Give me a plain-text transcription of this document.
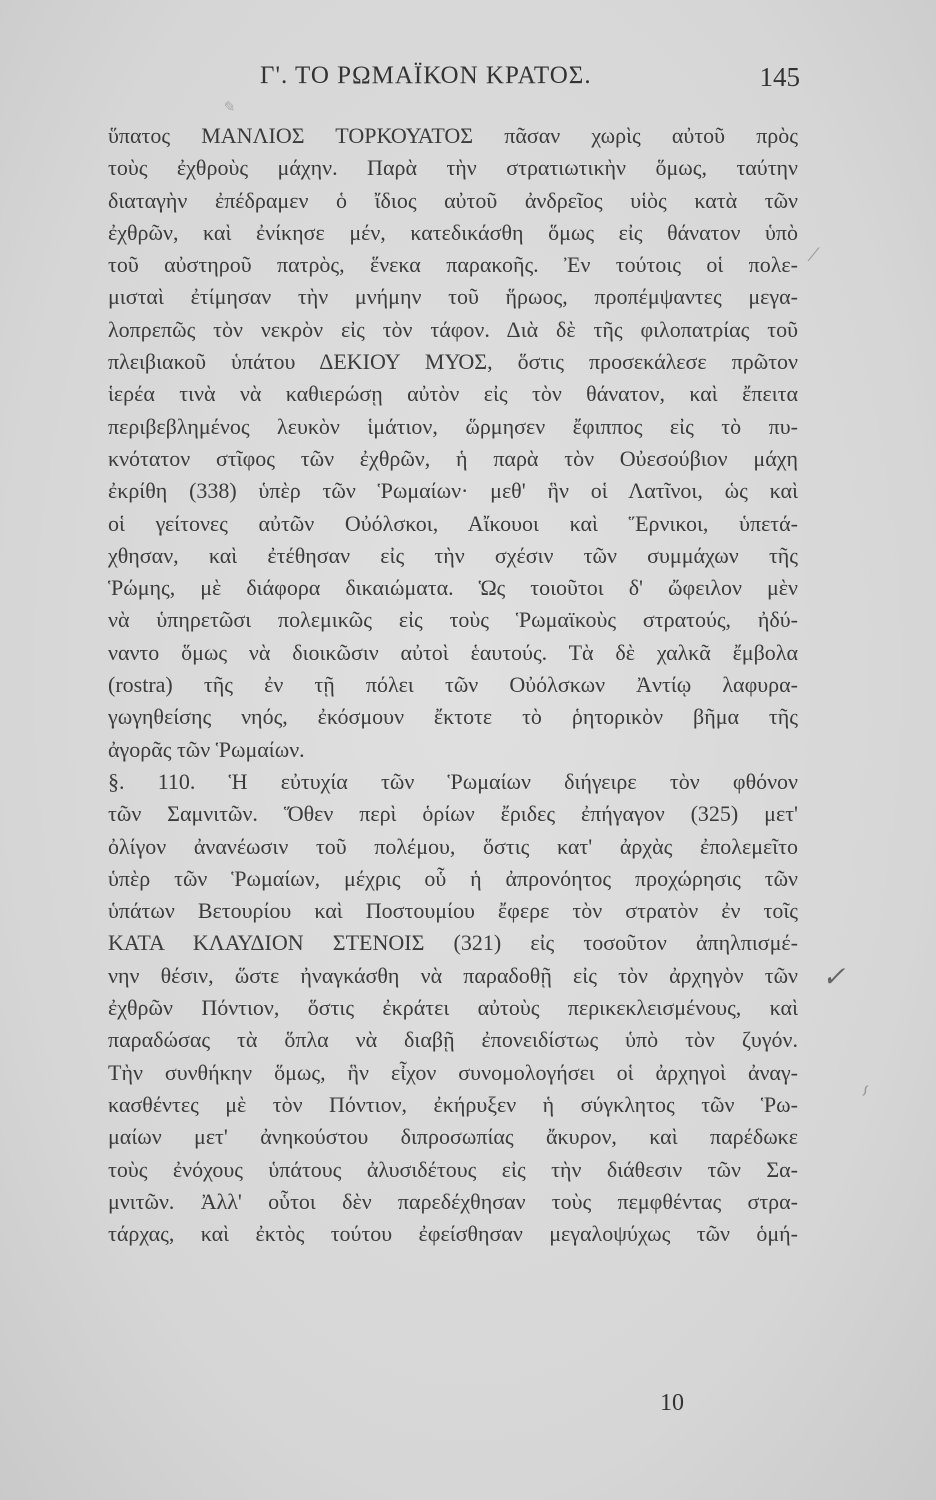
Γ'. ΤΟ ΡΩΜΑΪΚΟΝ ΚΡΑΤΟΣ.	145
✎
⁄
✓
∽
ὕπατος ΜΑΝΛΙΟΣ ΤΟΡΚΟΥΑΤΟΣ πᾶσαν χωρὶς αὐτοῦ πρὸς
τοὺς ἐχθροὺς μάχην. Παρὰ τὴν στρατιωτικὴν ὅμως, ταύτην
διαταγὴν ἐπέδραμεν ὁ ἴδιος αὐτοῦ ἀνδρεῖος υἱὸς κατὰ τῶν
ἐχθρῶν, καὶ ἐνίκησε μέν, κατεδικάσθη ὅμως εἰς θάνατον ὑπὸ
τοῦ αὐστηροῦ πατρὸς, ἕνεκα παρακοῆς. Ἐν τούτοις οἱ πολε-
μισταὶ ἐτίμησαν τὴν μνήμην τοῦ ἥρωος, προπέμψαντες μεγα-
λοπρεπῶς τὸν νεκρὸν εἰς τὸν τάφον. Διὰ δὲ τῆς φιλοπατρίας τοῦ
πλειβιακοῦ ὑπάτου ΔΕΚΙΟΥ ΜΥΟΣ, ὅστις προσεκάλεσε πρῶτον
ἱερέα τινὰ νὰ καθιερώσῃ αὐτὸν εἰς τὸν θάνατον, καὶ ἔπειτα
περιβεβλημένος λευκὸν ἱμάτιον, ὥρμησεν ἔφιππος εἰς τὸ πυ-
κνότατον στῖφος τῶν ἐχθρῶν, ἡ παρὰ τὸν Οὐεσούβιον μάχη
ἐκρίθη (338) ὑπὲρ τῶν Ῥωμαίων· μεθ' ἣν οἱ Λατῖνοι, ὡς καὶ
οἱ γείτονες αὐτῶν Οὐόλσκοι, Αἴκουοι καὶ Ἕρνικοι, ὑπετά-
χθησαν, καὶ ἐτέθησαν εἰς τὴν σχέσιν τῶν συμμάχων τῆς
Ῥώμης, μὲ διάφορα δικαιώματα. Ὡς τοιοῦτοι δ' ὤφειλον μὲν
νὰ ὑπηρετῶσι πολεμικῶς εἰς τοὺς Ῥωμαϊκοὺς στρατούς, ἠδύ-
ναντο ὅμως νὰ διοικῶσιν αὐτοὶ ἑαυτούς. Τὰ δὲ χαλκᾶ ἔμβολα
(rostra) τῆς ἐν τῇ πόλει τῶν Οὐόλσκων Ἀντίῳ λαφυρα-
γωγηθείσης νηός, ἐκόσμουν ἔκτοτε τὸ ῥητορικὸν βῆμα τῆς
ἀγορᾶς τῶν Ῥωμαίων.
§. 110. Ἡ εὐτυχία τῶν Ῥωμαίων διήγειρε τὸν φθόνον
τῶν Σαμνιτῶν. Ὅθεν περὶ ὁρίων ἔριδες ἐπήγαγον (325) μετ'
ὀλίγον ἀνανέωσιν τοῦ πολέμου, ὅστις κατ' ἀρχὰς ἐπολεμεῖτο
ὑπὲρ τῶν Ῥωμαίων, μέχρις οὗ ἡ ἀπρονόητος προχώρησις τῶν
ὑπάτων Βετουρίου καὶ Ποστουμίου ἔφερε τὸν στρατὸν ἐν τοῖς
ΚΑΤΑ ΚΛΑΥΔΙΟΝ ΣΤΕΝΟΙΣ (321) εἰς τοσοῦτον ἀπηλπισμέ-
νην θέσιν, ὥστε ἠναγκάσθη νὰ παραδοθῇ εἰς τὸν ἀρχηγὸν τῶν
ἐχθρῶν Πόντιον, ὅστις ἐκράτει αὐτοὺς περικεκλεισμένους, καὶ
παραδώσας τὰ ὅπλα νὰ διαβῇ ἐπονειδίστως ὑπὸ τὸν ζυγόν.
Τὴν συνθήκην ὅμως, ἣν εἶχον συνομολογήσει οἱ ἀρχηγοὶ ἀναγ-
κασθέντες μὲ τὸν Πόντιον, ἐκήρυξεν ἡ σύγκλητος τῶν Ῥω-
μαίων μετ' ἀνηκούστου διπροσωπίας ἄκυρον, καὶ παρέδωκε
τοὺς ἐνόχους ὑπάτους ἀλυσιδέτους εἰς τὴν διάθεσιν τῶν Σα-
μνιτῶν. Ἀλλ' οὗτοι δὲν παρεδέχθησαν τοὺς πεμφθέντας στρα-
τάρχας, καὶ ἐκτὸς τούτου ἐφείσθησαν μεγαλοψύχως τῶν ὁμή-
10
